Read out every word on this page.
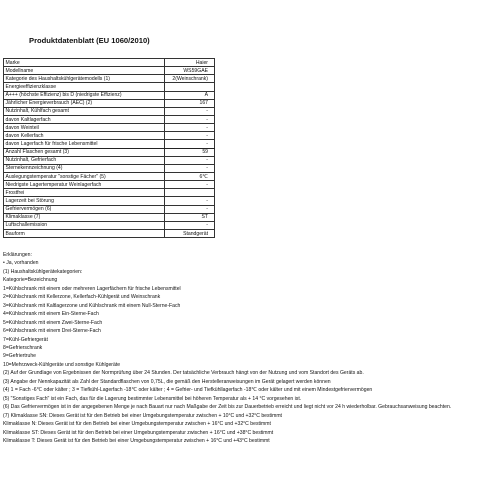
Produktdatenblatt (EU 1060/2010)
Marke	Haier
Modellname	WS59GAE
Kategorie des Haushaltskühlgerätemodells (1)	2(Weinschrank)
Energieeffizienzklasse	
A+++ (höchste Effizienz) bis D (niedrigste Effizienz)	A
Jährlicher Energieverbrauch (AEC) (2)	167
Nutzinhalt, Kühlfach gesamt	-
davon Kaltlagerfach	-
davon Weinteil	-
davon Kellerfach	-
davon Lagerfach für frische Lebensmittel	-
Anzahl Flaschen gesamt (3)	59
Nutzinhalt, Gefrierfach	-
Sternekennzeichnung (4)	-
Auslegungstemperatur "sonstige Fächer" (5)	6℃
Niedrigste Lagertemperatur Weinlagerfach	-
Frostfrei	
Lagerzeit bei Störung	-
Gefriervermögen (6)	-
Klimaklasse (7)	ST
Luftschallemission	-
Bauform	Standgerät
Erklärungen:
• Ja, vorhanden
(1) Haushaltskühlgerätekategorien:
Kategorie=Bezeichnung
1=Kühlschrank mit einem oder mehreren Lagerfächern für frische Lebensmittel
2=Kühlschrank mit Kellerzone, Kellerfach-Kühlgerät und Weinschrank
3=Kühlschrank mit Kaltlagerzone und Kühlschrank mit einem Null-Sterne-Fach
4=Kühlschrank mit einem Ein-Sterne-Fach
5=Kühlschrank mit einem Zwei-Sterne-Fach
6=Kühlschrank mit einem Drei-Sterne-Fach
7=Kühl-Gefriergerät
8=Gefrierschrank
9=Gefriertruhe
10=Mehrzweck-Kühlgeräte und sonstige Kühlgeräte
(2) Auf der Grundlage von Ergebnissen der Normprüfung über 24 Stunden. Der tatsächliche Verbrauch hängt von der Nutzung und vom Standort des Geräts ab.
(3) Angabe der Nennkapazität als Zahl der Standardflaschen von 0,75L, die gemäß den Herstelleranweisungen im Gerät gelagert werden können
(4) 1 = Fach -6℃ oder kälter ; 3 = Tiefkühl-Lagerfach -18℃ oder kälter ; 4 = Gefrier- und Tiefkühllagerfach -18℃ oder kälter und mit einem Mindestgefriervermögen
(5) "Sonstiges Fach" ist ein Fach, das für die Lagerung bestimmter Lebensmittel bei höheren Temperatur als + 14 °C vorgesehen ist.
(6) Das Gefriervermögen ist in der angegebenen Menge je nach Bauart nur nach Maßgabe der Zeit bis zur Dauerbetrieb erreicht und liegt nicht vor 24 h wiederholbar. Gebrauchsanweisung beachten.
(7) Klimaklasse SN: Dieses Gerät ist für den Betrieb bei einer Umgebungstemperatur zwischen + 10°C und +32°C bestimmt
Klimaklasse N: Dieses Gerät ist für den Betrieb bei einer Umgebungstemperatur zwischen + 16°C und +32°C bestimmt
Klimaklasse ST: Dieses Gerät ist für den Betrieb bei einer Umgebungstemperatur zwischen + 16°C und +38°C bestimmt
Klimaklasse T: Dieses Gerät ist für den Betrieb bei einer Umgebungstemperatur zwischen + 16°C und +43°C bestimmt
